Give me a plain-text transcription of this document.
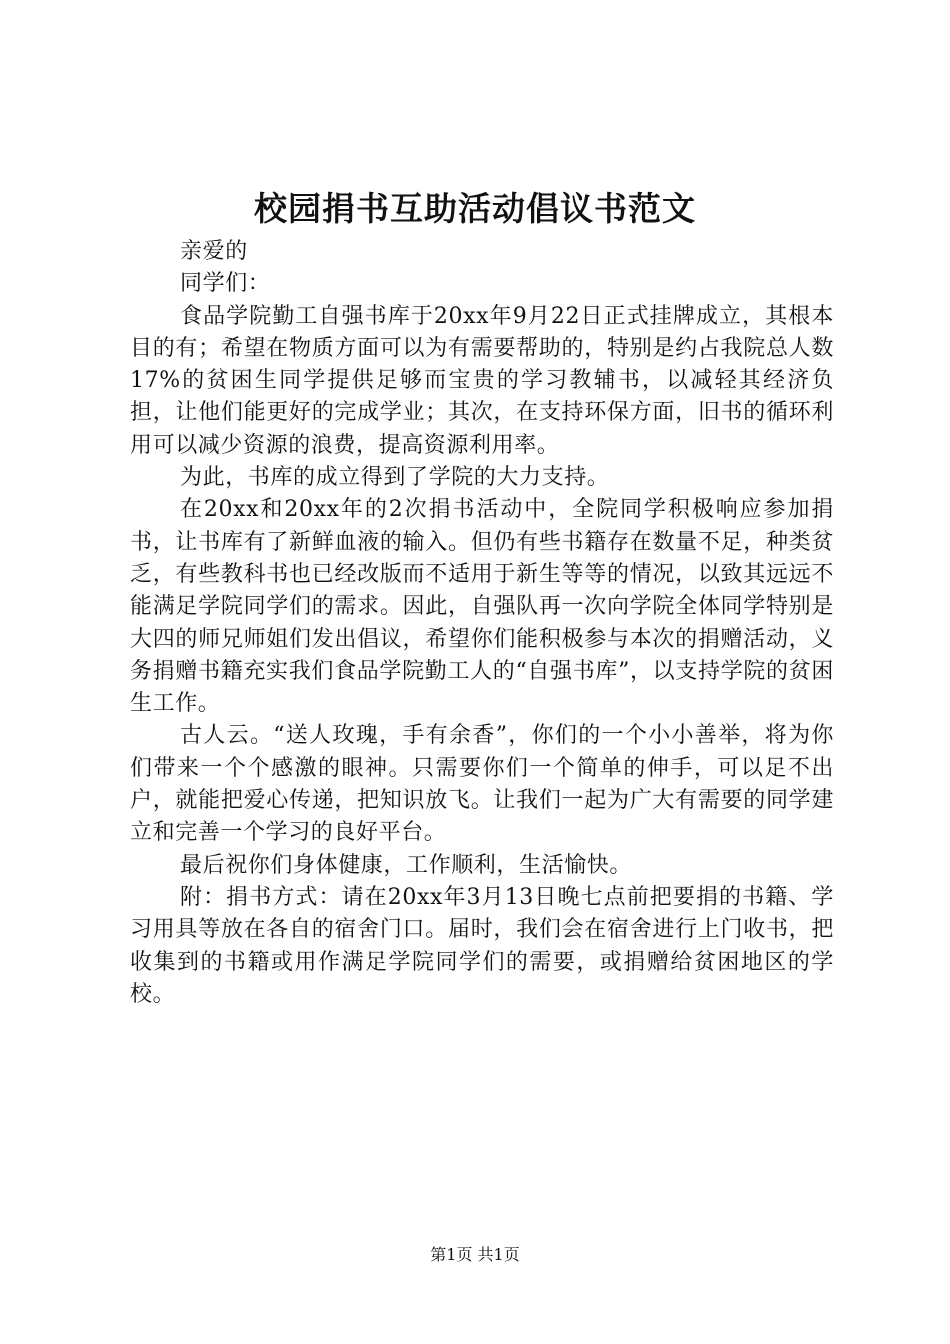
校园捐书互助活动倡议书范文

亲爱的

同学们：

食品学院勤工自强书库于20xx年9月22日正式挂牌成立，其根本目的有；希望在物质方面可以为有需要帮助的，特别是约占我院总人数17%的贫困生同学提供足够而宝贵的学习教辅书，以减轻其经济负担，让他们能更好的完成学业；其次，在支持环保方面，旧书的循环利用可以减少资源的浪费，提高资源利用率。

为此，书库的成立得到了学院的大力支持。

在20xx和20xx年的2次捐书活动中，全院同学积极响应参加捐书，让书库有了新鲜血液的输入。但仍有些书籍存在数量不足，种类贫乏，有些教科书也已经改版而不适用于新生等等的情况，以致其远远不能满足学院同学们的需求。因此，自强队再一次向学院全体同学特别是大四的师兄师姐们发出倡议，希望你们能积极参与本次的捐赠活动，义务捐赠书籍充实我们食品学院勤工人的“自强书库”，以支持学院的贫困生工作。

古人云。“送人玫瑰，手有余香”，你们的一个小小善举，将为你们带来一个个感激的眼神。只需要你们一个简单的伸手，可以足不出户，就能把爱心传递，把知识放飞。让我们一起为广大有需要的同学建立和完善一个学习的良好平台。

最后祝你们身体健康，工作顺利，生活愉快。

附：捐书方式：请在20xx年3月13日晚七点前把要捐的书籍、学习用具等放在各自的宿舍门口。届时，我们会在宿舍进行上门收书，把收集到的书籍或用作满足学院同学们的需要，或捐赠给贫困地区的学校。

第1页 共1页
